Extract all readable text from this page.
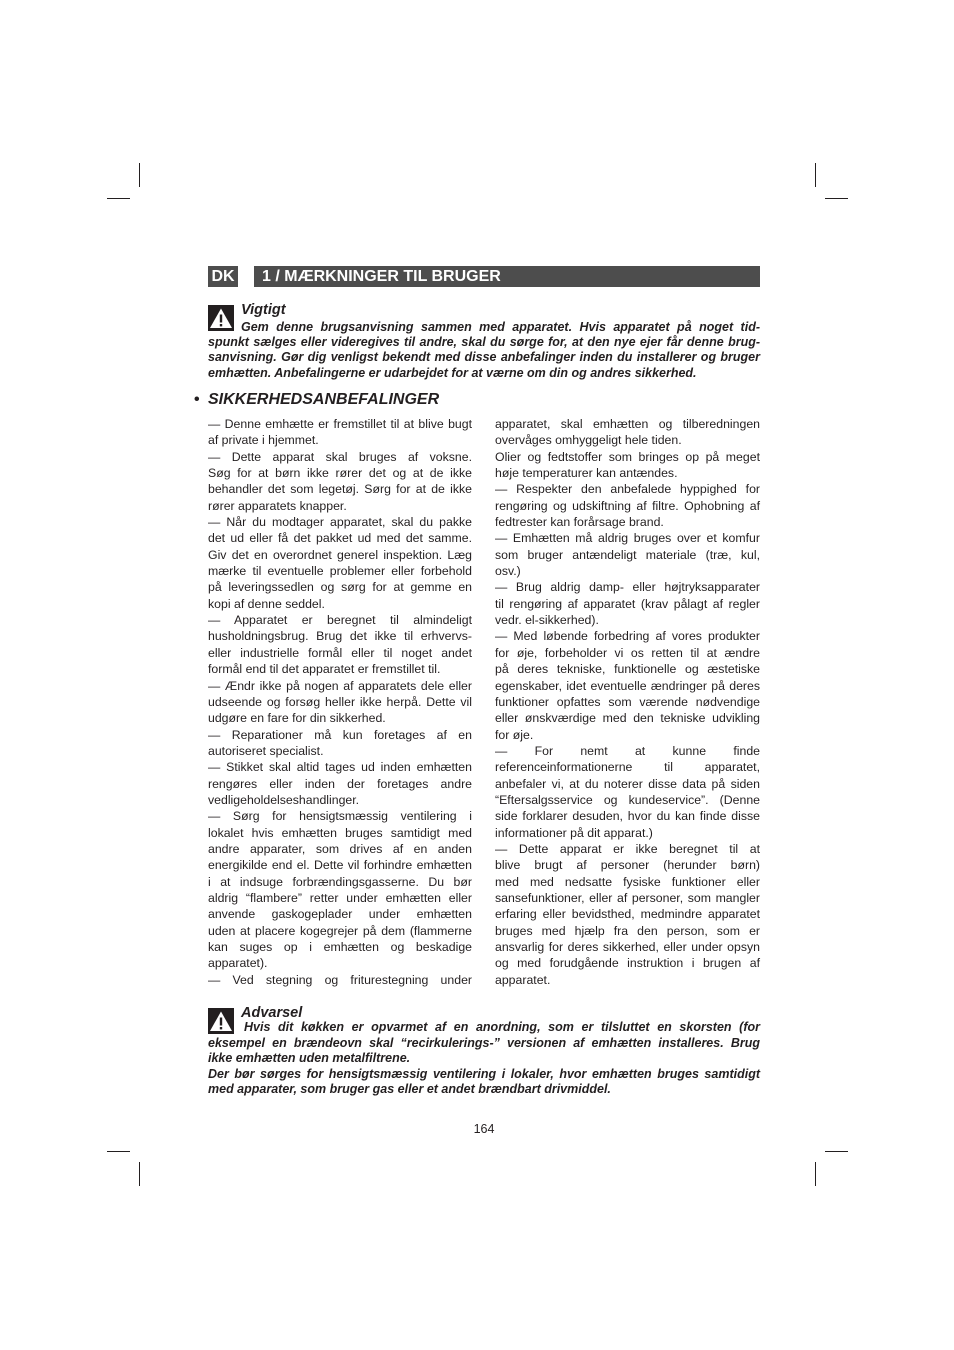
DK 1 / MÆRKNINGER TIL BRUGER
Vigtigt
Gem denne brugsanvisning sammen med apparatet. Hvis apparatet på noget tid-
spunkt sælges eller videregives til andre, skal du sørge for, at den nye ejer får denne brug-
sanvisning. Gør dig venligst bekendt med disse anbefalinger inden du installerer og bruger
emhætten. Anbefalingerne er udarbejdet for at værne om din og andres sikkerhed.
• SIKKERHEDSANBEFALINGER
— Denne emhætte er fremstillet til at blive bugt
af private i hjemmet.
— Dette apparat skal bruges af voksne.
Søg for at børn ikke rører det og at de ikke
behandler det som legetøj. Sørg for at de ikke
rører apparatets knapper.
— Når du modtager apparatet, skal du pakke
det ud eller få det pakket ud med det samme.
Giv det en overordnet generel inspektion. Læg
mærke til eventuelle problemer eller forbehold
på leveringssedlen og sørg for at gemme en
kopi af denne seddel.
— Apparatet er beregnet til almindeligt
husholdningsbrug. Brug det ikke til erhvervs-
eller industrielle formål eller til noget andet
formål end til det apparatet er fremstillet til.
— Ændr ikke på nogen af apparatets dele eller
udseende og forsøg heller ikke herpå. Dette vil
udgøre en fare for din sikkerhed.
— Reparationer må kun foretages af en
autoriseret specialist.
— Stikket skal altid tages ud inden emhætten
rengøres eller inden der foretages andre
vedligeholdelseshandlinger.
— Sørg for hensigtsmæssig ventilering i
lokalet hvis emhætten bruges samtidigt med
andre apparater, som drives af en anden
energikilde end el. Dette vil forhindre emhætten
i at indsuge forbrændingsgasserne. Du bør
aldrig “flambere” retter under emhætten eller
anvende gaskogeplader under emhætten
uden at placere kogegrejer på dem (flammerne
kan suges op i emhætten og beskadige
apparatet).
— Ved stegning og friturestegning under
apparatet, skal emhætten og tilberedningen
overvåges omhyggeligt hele tiden.
Olier og fedtstoffer som bringes op på meget
høje temperaturer kan antændes.
— Respekter den anbefalede hyppighed for
rengøring og udskiftning af filtre. Ophobning af
fedtrester kan forårsage brand.
— Emhætten må aldrig bruges over et komfur
som bruger antændeligt materiale (træ, kul,
osv.)
— Brug aldrig damp- eller højtryksapparater
til rengøring af apparatet (krav pålagt af regler
vedr. el-sikkerhed).
— Med løbende forbedring af vores produkter
for øje, forbeholder vi os retten til at ændre
på deres tekniske, funktionelle og æstetiske
egenskaber, idet eventuelle ændringer på deres
funktioner opfattes som værende nødvendige
eller ønskværdige med den tekniske udvikling
for øje.
— For nemt at kunne finde
referenceinformationerne til apparatet,
anbefaler vi, at du noterer disse data på siden
“Eftersalgsservice og kundeservice”. (Denne
side forklarer desuden, hvor du kan finde disse
informationer på dit apparat.)
— Dette apparat er ikke beregnet til at
blive brugt af personer (herunder børn)
med med nedsatte fysiske funktioner eller
sansefunktioner, eller af personer, som mangler
erfaring eller bevidsthed, medmindre apparatet
bruges med hjælp fra den person, som er
ansvarlig for deres sikkerhed, eller under opsyn
og med forudgående instruktion i brugen af
apparatet.
Advarsel
Hvis dit køkken er opvarmet af en anordning, som er tilsluttet en skorsten (for
eksempel en brændeovn skal “recirkulerings-” versionen af emhætten installeres. Brug
ikke emhætten uden metalfiltrene.
Der bør sørges for hensigtsmæssig ventilering i lokaler, hvor emhætten bruges samtidigt
med apparater, som bruger gas eller et andet brændbart drivmiddel.
164
